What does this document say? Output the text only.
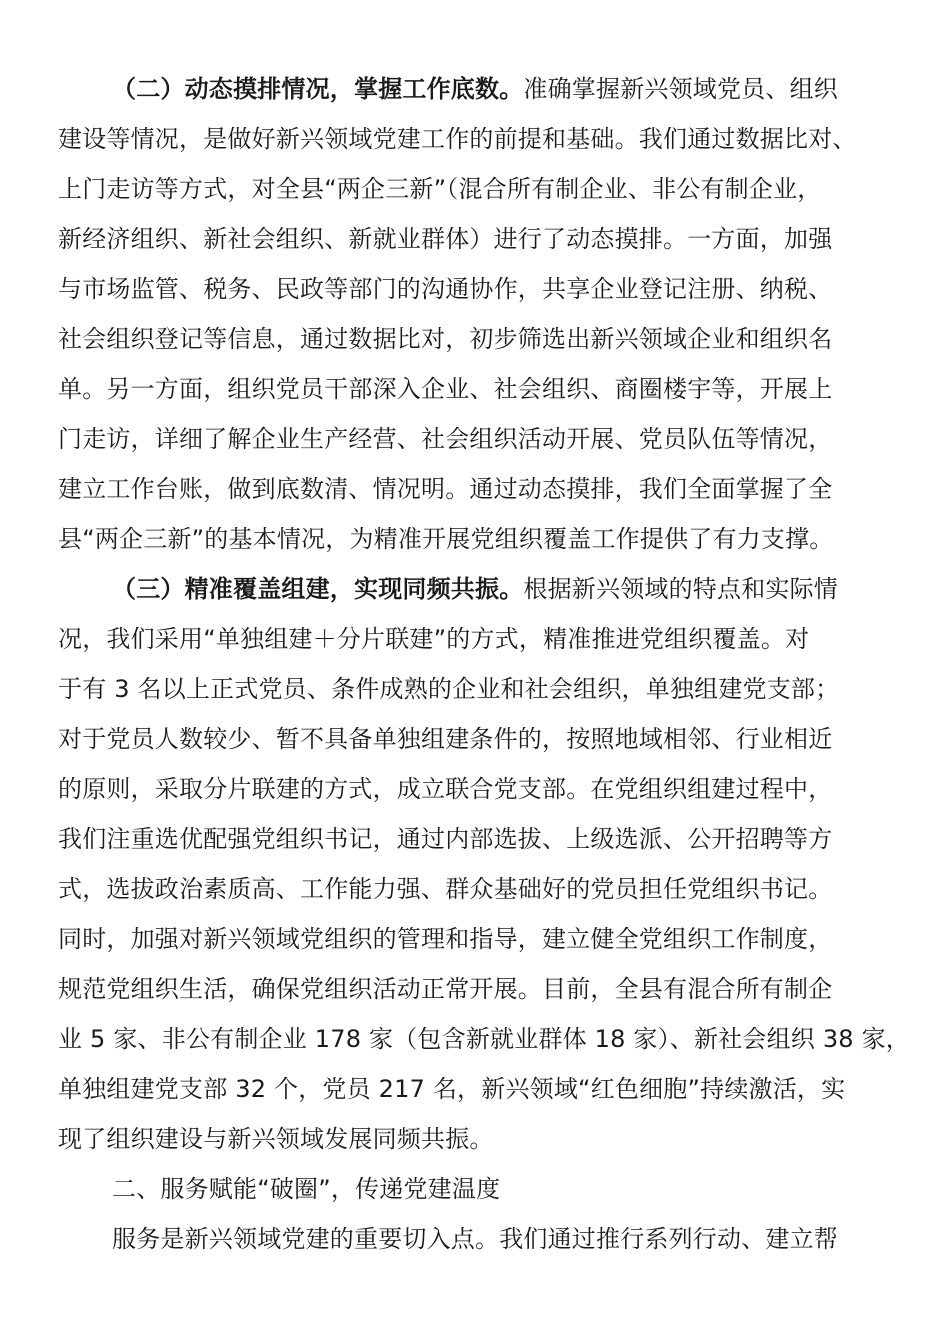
（二）动态摸排情况，掌握工作底数。准确掌握新兴领域党员、组织
建设等情况，是做好新兴领域党建工作的前提和基础。我们通过数据比对、
上门走访等方式，对全县“两企三新”（混合所有制企业、非公有制企业，
新经济组织、新社会组织、新就业群体）进行了动态摸排。一方面，加强
与市场监管、税务、民政等部门的沟通协作，共享企业登记注册、纳税、
社会组织登记等信息，通过数据比对，初步筛选出新兴领域企业和组织名
单。另一方面，组织党员干部深入企业、社会组织、商圈楼宇等，开展上
门走访，详细了解企业生产经营、社会组织活动开展、党员队伍等情况，
建立工作台账，做到底数清、情况明。通过动态摸排，我们全面掌握了全
县“两企三新”的基本情况，为精准开展党组织覆盖工作提供了有力支撑。
（三）精准覆盖组建，实现同频共振。根据新兴领域的特点和实际情
况，我们采用“单独组建＋分片联建”的方式，精准推进党组织覆盖。对
于有 3 名以上正式党员、条件成熟的企业和社会组织，单独组建党支部；
对于党员人数较少、暂不具备单独组建条件的，按照地域相邻、行业相近
的原则，采取分片联建的方式，成立联合党支部。在党组织组建过程中，
我们注重选优配强党组织书记，通过内部选拔、上级选派、公开招聘等方
式，选拔政治素质高、工作能力强、群众基础好的党员担任党组织书记。
同时，加强对新兴领域党组织的管理和指导，建立健全党组织工作制度，
规范党组织生活，确保党组织活动正常开展。目前，全县有混合所有制企
业 5 家、非公有制企业 178 家（包含新就业群体 18 家）、新社会组织 38 家，
单独组建党支部 32 个，党员 217 名，新兴领域“红色细胞”持续激活，实
现了组织建设与新兴领域发展同频共振。
二、服务赋能“破圈”，传递党建温度
服务是新兴领域党建的重要切入点。我们通过推行系列行动、建立帮
